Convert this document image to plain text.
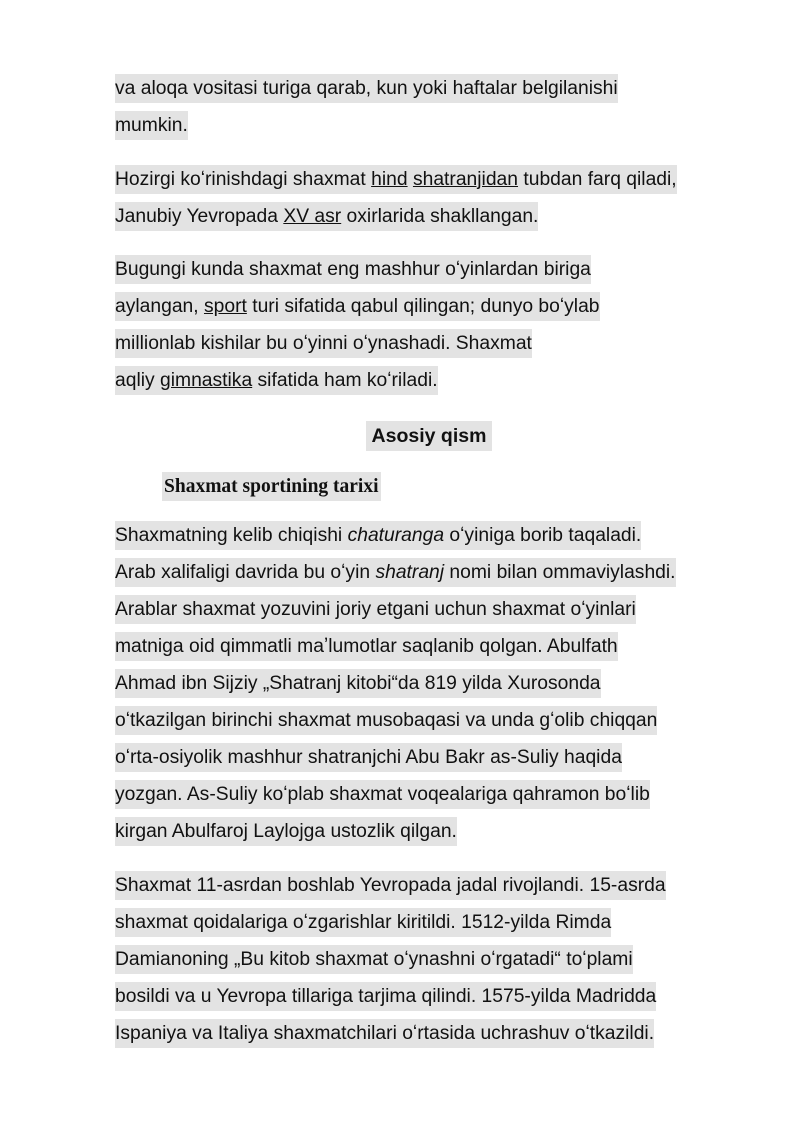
va aloqa vositasi turiga qarab, kun yoki haftalar belgilanishi
mumkin.
Hozirgi koʻrinishdagi shaxmat hind shatranjidan tubdan farq qiladi,
Janubiy Yevropada XV asr oxirlarida shakllangan.
Bugungi kunda shaxmat eng mashhur oʻyinlardan biriga
aylangan, sport turi sifatida qabul qilingan; dunyo boʻylab
millionlab kishilar bu oʻyinni oʻynashadi. Shaxmat
aqliy gimnastika sifatida ham koʻriladi.
Asosiy qism
Shaxmat sportining tarixi
Shaxmatning kelib chiqishi chaturanga oʻyiniga borib taqaladi.
Arab xalifaligi davrida bu oʻyin shatranj nomi bilan ommaviylashdi.
Arablar shaxmat yozuvini joriy etgani uchun shaxmat oʻyinlari
matniga oid qimmatli maʼlumotlar saqlanib qolgan. Abulfath
Ahmad ibn Sijziy „Shatranj kitobi“da 819 yilda Xurosonda
oʻtkazilgan birinchi shaxmat musobaqasi va unda gʻolib chiqqan
oʻrta-osiyolik mashhur shatranjchi Abu Bakr as-Suliy haqida
yozgan. As-Suliy koʻplab shaxmat voqealariga qahramon boʻlib
kirgan Abulfaroj Laylojga ustozlik qilgan.
Shaxmat 11-asrdan boshlab Yevropada jadal rivojlandi. 15-asrda
shaxmat qoidalariga oʻzgarishlar kiritildi. 1512-yilda Rimda
Damianoning „Bu kitob shaxmat oʻynashni oʻrgatadi“ toʻplami
bosildi va u Yevropa tillariga tarjima qilindi. 1575-yilda Madridda
Ispaniya va Italiya shaxmatchilari oʻrtasida uchrashuv oʻtkazildi.
